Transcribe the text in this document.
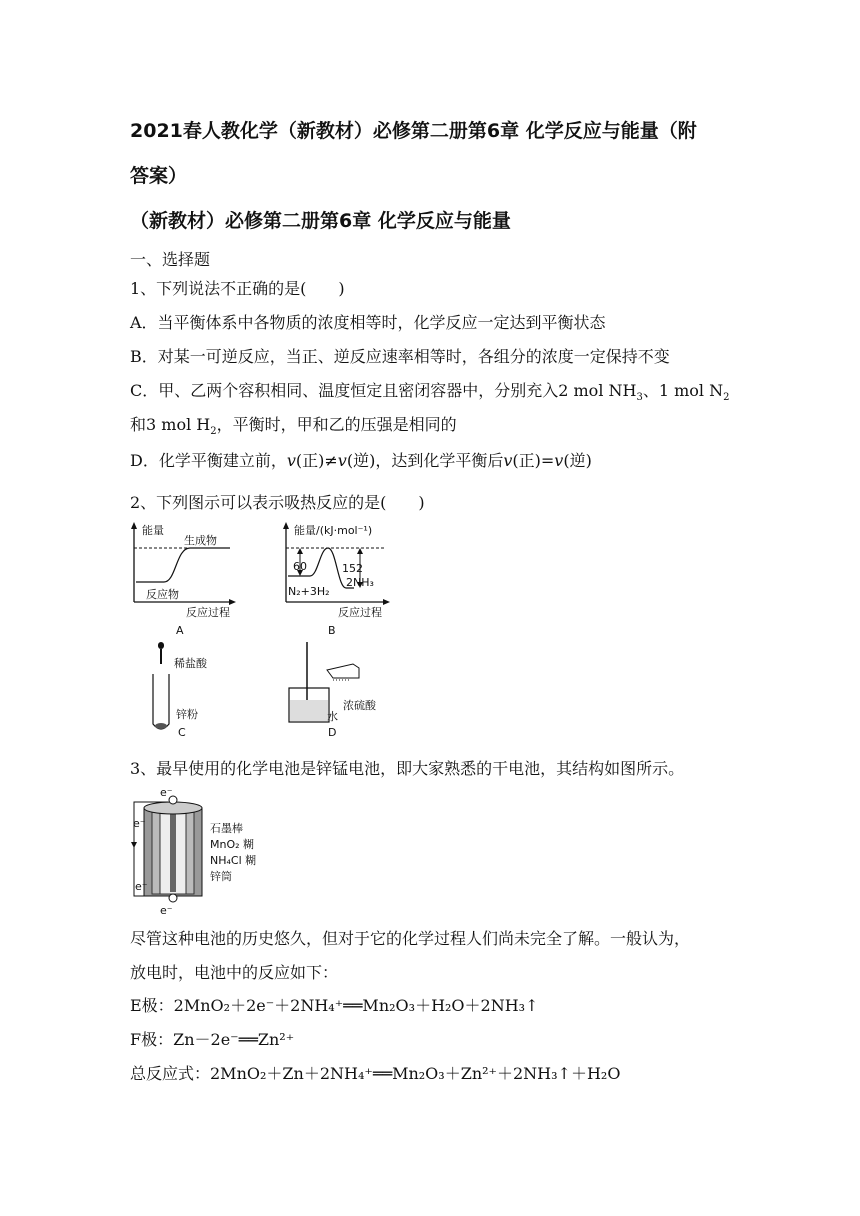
2021春人教化学（新教材）必修第二册第6章 化学反应与能量（附
答案）
（新教材）必修第二册第6章 化学反应与能量
一、选择题
1、下列说法不正确的是(　　)
A．当平衡体系中各物质的浓度相等时，化学反应一定达到平衡状态
B．对某一可逆反应，当正、逆反应速率相等时，各组分的浓度一定保持不变
C．甲、乙两个容积相同、温度恒定且密闭容器中，分别充入2 mol $NH_3$、1 mol $N_2$
和3 mol $H_2$，平衡时，甲和乙的压强是相同的
D．化学平衡建立前，v(正)≠v(逆)，达到化学平衡后v(正)=v(逆)
2、下列图示可以表示吸热反应的是(　　)
能量
生成物
反应物
反应过程
A
能量/(kJ·mol⁻¹)
60	152
2NH₃
N₂+3H₂
反应过程
B
稀盐酸
锌粉
C
浓硫酸
水
D
3、最早使用的化学电池是锌锰电池，即大家熟悉的干电池，其结构如图所示。
e⁻
e⁻
e⁻
e⁻
石墨棒
MnO₂ 糊
NH₄Cl 糊
锌筒
尽管这种电池的历史悠久，但对于它的化学过程人们尚未完全了解。一般认为，
放电时，电池中的反应如下：
E极：2MnO₂＋2e⁻＋2NH₄⁺══Mn₂O₃＋H₂O＋2NH₃↑
F极：Zn－2e⁻══Zn²⁺
总反应式：2MnO₂＋Zn＋2NH₄⁺══Mn₂O₃＋Zn²⁺＋2NH₃↑＋H₂O
